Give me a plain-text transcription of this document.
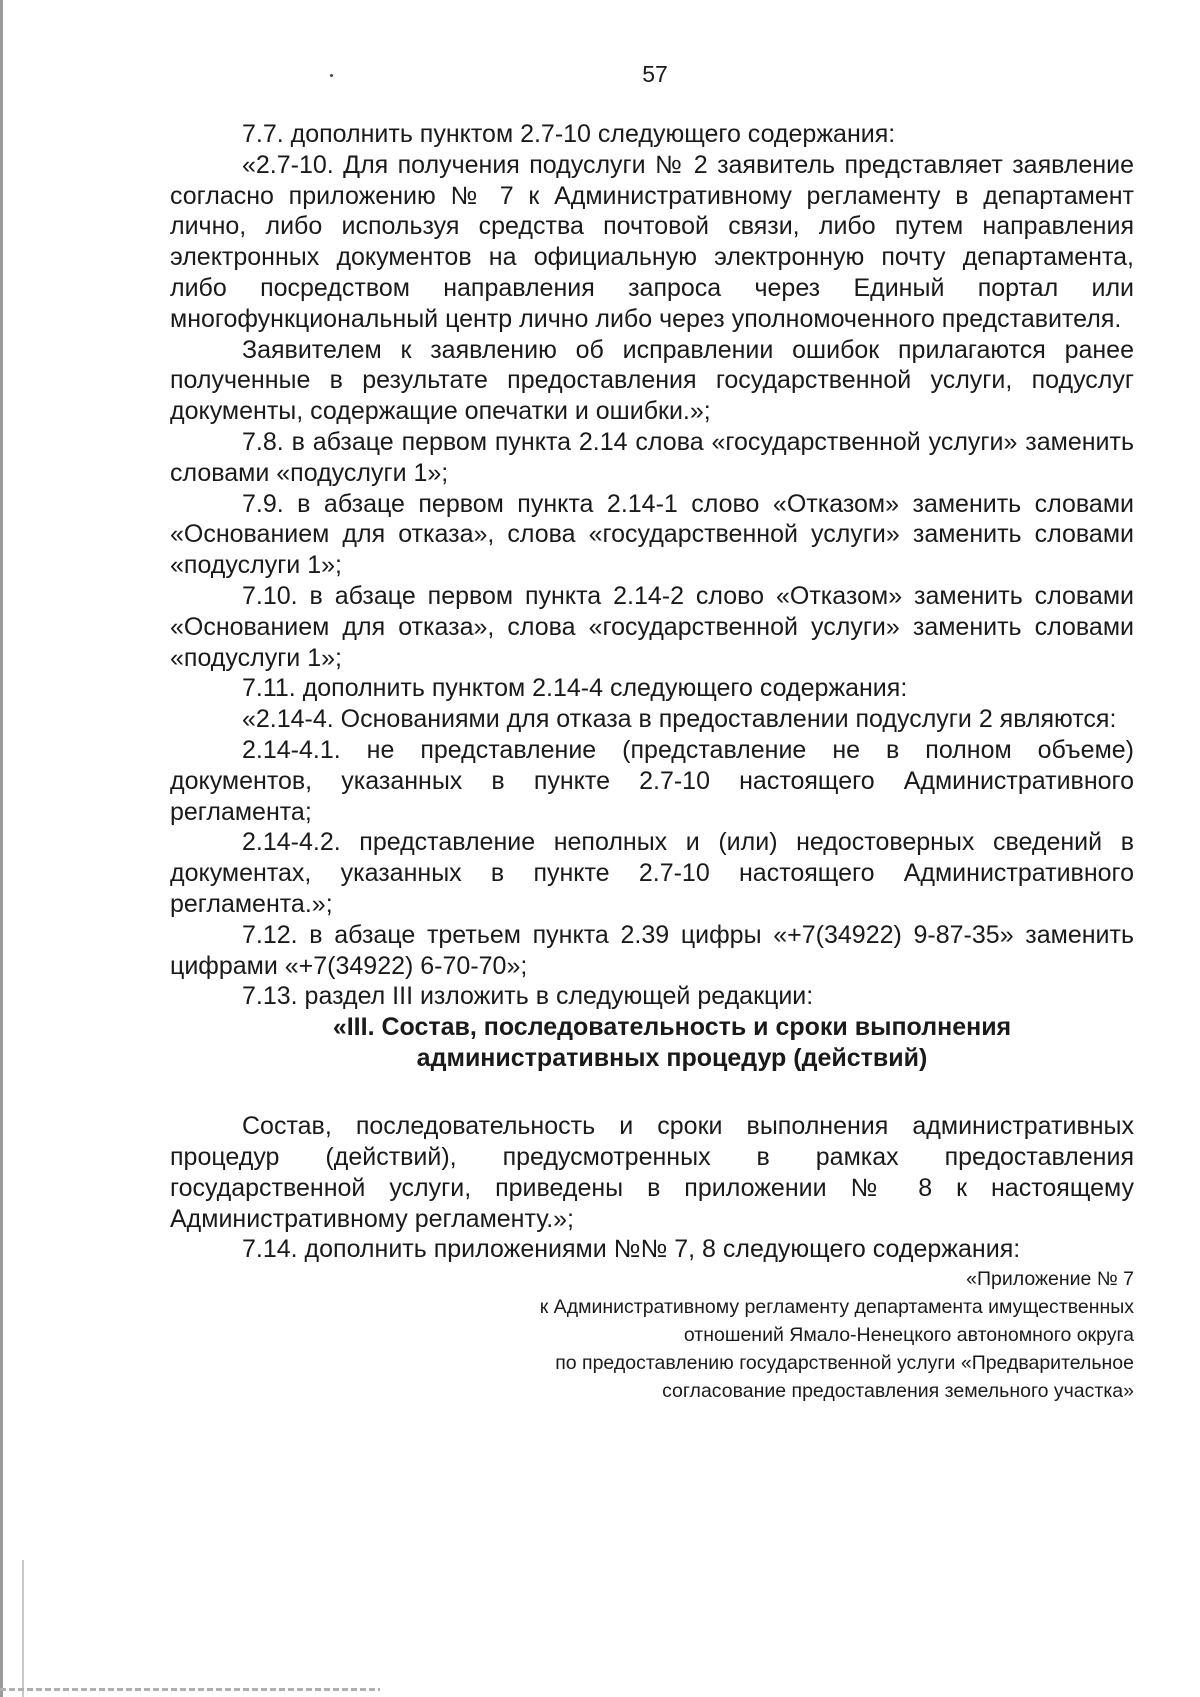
57

7.7. дополнить пунктом 2.7-10 следующего содержания:

«2.7-10. Для получения подуслуги № 2 заявитель представляет заявление согласно приложению № 7 к Административному регламенту в департамент лично, либо используя средства почтовой связи, либо путем направления электронных документов на официальную электронную почту департамента, либо посредством направления запроса через Единый портал или многофункциональный центр лично либо через уполномоченного представителя.

Заявителем к заявлению об исправлении ошибок прилагаются ранее полученные в результате предоставления государственной услуги, подуслуг документы, содержащие опечатки и ошибки.»;

7.8. в абзаце первом пункта 2.14 слова «государственной услуги» заменить словами «подуслуги 1»;

7.9. в абзаце первом пункта 2.14-1 слово «Отказом» заменить словами «Основанием для отказа», слова «государственной услуги» заменить словами «подуслуги 1»;

7.10. в абзаце первом пункта 2.14-2 слово «Отказом» заменить словами «Основанием для отказа», слова «государственной услуги» заменить словами «подуслуги 1»;

7.11. дополнить пунктом 2.14-4 следующего содержания:

«2.14-4. Основаниями для отказа в предоставлении подуслуги 2 являются:

2.14-4.1. не представление (представление не в полном объеме) документов, указанных в пункте 2.7-10 настоящего Административного регламента;

2.14-4.2. представление неполных и (или) недостоверных сведений в документах, указанных в пункте 2.7-10 настоящего Административного регламента.»;

7.12. в абзаце третьем пункта 2.39 цифры «+7(34922) 9-87-35» заменить цифрами «+7(34922) 6-70-70»;

7.13. раздел III изложить в следующей редакции:

«III. Состав, последовательность и сроки выполнения

административных процедур (действий)

Состав, последовательность и сроки выполнения административных процедур (действий), предусмотренных в рамках предоставления государственной услуги, приведены в приложении № 8 к настоящему Административному регламенту.»;

7.14. дополнить приложениями №№ 7, 8 следующего содержания:

«Приложение № 7

к Административному регламенту департамента имущественных

отношений Ямало-Ненецкого автономного округа

по предоставлению государственной услуги «Предварительное

согласование предоставления земельного участка»
